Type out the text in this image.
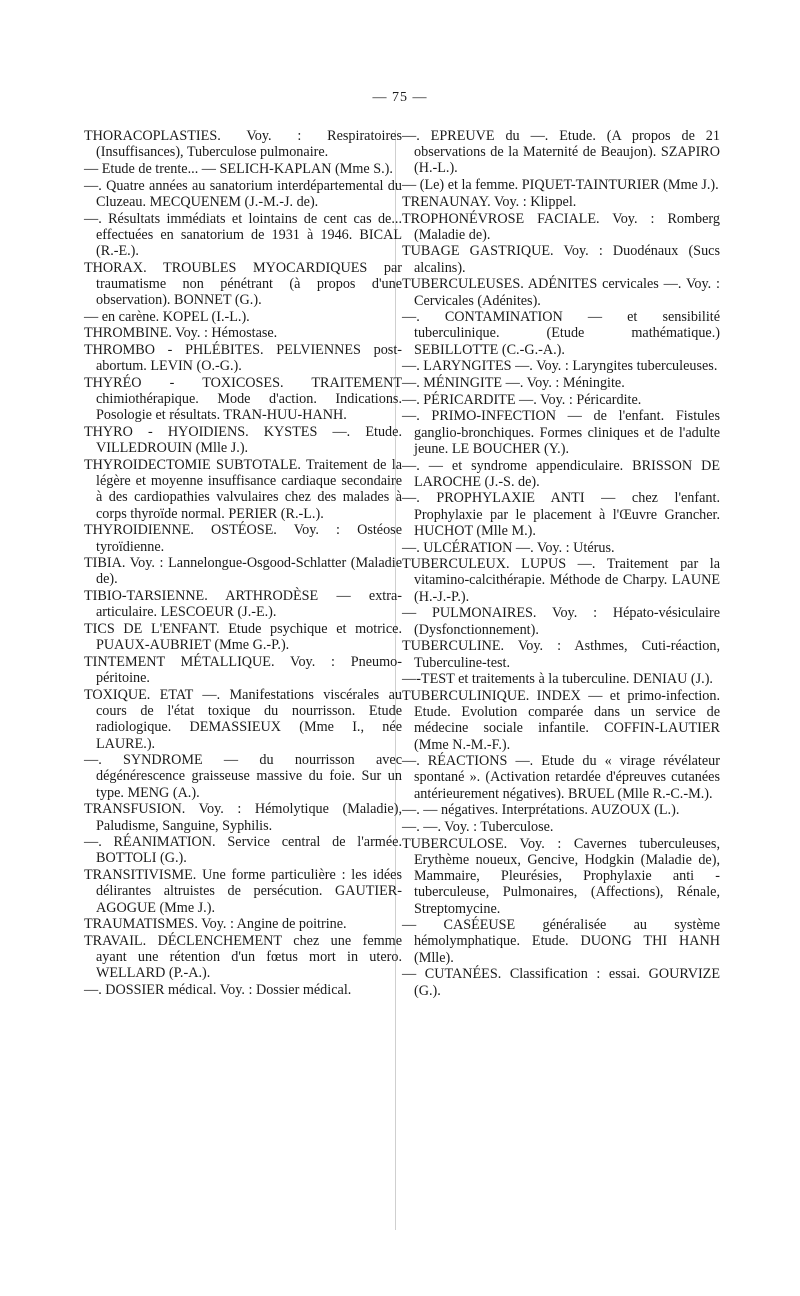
— 75 —

THORACOPLASTIES. Voy. : Respiratoires (Insuffisances), Tuberculose pulmonaire.

— Etude de trente... — SELICH-KAPLAN (Mme S.).

—. Quatre années au sanatorium interdépartemental du Cluzeau. MECQUENEM (J.-M.-J. de).

—. Résultats immédiats et lointains de cent cas de... effectuées en sanatorium de 1931 à 1946. BICAL (R.-E.).

THORAX. TROUBLES MYOCARDIQUES par traumatisme non pénétrant (à propos d'une observation). BONNET (G.).

— en carène. KOPEL (I.-L.).

THROMBINE. Voy. : Hémostase.

THROMBO - PHLÉBITES. PELVIENNES post-abortum. LEVIN (O.-G.).

THYRÉO - TOXICOSES. TRAITEMENT chimiothérapique. Mode d'action. Indications. Posologie et résultats. TRAN-HUU-HANH.

THYRO - HYOIDIENS. KYSTES —. Etude. VILLEDROUIN (Mlle J.).

THYROIDECTOMIE SUBTOTALE. Traitement de la légère et moyenne insuffisance cardiaque secondaire à des cardiopathies valvulaires chez des malades à corps thyroïde normal. PERIER (R.-L.).

THYROIDIENNE. OSTÉOSE. Voy. : Ostéose tyroïdienne.

TIBIA. Voy. : Lannelongue-Osgood-Schlatter (Maladie de).

TIBIO-TARSIENNE. ARTHRODÈSE — extra-articulaire. LESCOEUR (J.-E.).

TICS DE L'ENFANT. Etude psychique et motrice. PUAUX-AUBRIET (Mme G.-P.).

TINTEMENT MÉTALLIQUE. Voy. : Pneumo-péritoine.

TOXIQUE. ETAT —. Manifestations viscérales au cours de l'état toxique du nourrisson. Etude radiologique. DEMASSIEUX (Mme I., née LAURE.).

—. SYNDROME — du nourrisson avec dégénérescence graisseuse massive du foie. Sur un type. MENG (A.).

TRANSFUSION. Voy. : Hémolytique (Maladie), Paludisme, Sanguine, Syphilis.

—. RÉANIMATION. Service central de l'armée. BOTTOLI (G.).

TRANSITIVISME. Une forme particulière : les idées délirantes altruistes de persécution. GAUTIER-AGOGUE (Mme J.).

TRAUMATISMES. Voy. : Angine de poitrine.

TRAVAIL. DÉCLENCHEMENT chez une femme ayant une rétention d'un fœtus mort in utero. WELLARD (P.-A.).

—. DOSSIER médical. Voy. : Dossier médical.

—. EPREUVE du —. Etude. (A propos de 21 observations de la Maternité de Beaujon). SZAPIRO (H.-L.).

— (Le) et la femme. PIQUET-TAINTURIER (Mme J.).

TRENAUNAY. Voy. : Klippel.

TROPHONÉVROSE FACIALE. Voy. : Romberg (Maladie de).

TUBAGE GASTRIQUE. Voy. : Duodénaux (Sucs alcalins).

TUBERCULEUSES. ADÉNITES cervicales —. Voy. : Cervicales (Adénites).

—. CONTAMINATION — et sensibilité tuberculinique. (Etude mathématique.) SEBILLOTTE (C.-G.-A.).

—. LARYNGITES —. Voy. : Laryngites tuberculeuses.

—. MÉNINGITE —. Voy. : Méningite.

—. PÉRICARDITE —. Voy. : Péricardite.

—. PRIMO-INFECTION — de l'enfant. Fistules ganglio-bronchiques. Formes cliniques et de l'adulte jeune. LE BOUCHER (Y.).

—. — et syndrome appendiculaire. BRISSON DE LAROCHE (J.-S. de).

—. PROPHYLAXIE ANTI — chez l'enfant. Prophylaxie par le placement à l'Œuvre Grancher. HUCHOT (Mlle M.).

—. ULCÉRATION —. Voy. : Utérus.

TUBERCULEUX. LUPUS —. Traitement par la vitamino-calcithérapie. Méthode de Charpy. LAUNE (H.-J.-P.).

— PULMONAIRES. Voy. : Hépato-vésiculaire (Dysfonctionnement).

TUBERCULINE. Voy. : Asthmes, Cuti-réaction, Tuberculine-test.

—-TEST et traitements à la tuberculine. DENIAU (J.).

TUBERCULINIQUE. INDEX — et primo-infection. Etude. Evolution comparée dans un service de médecine sociale infantile. COFFIN-LAUTIER (Mme N.-M.-F.).

—. RÉACTIONS —. Etude du « virage révélateur spontané ». (Activation retardée d'épreuves cutanées antérieurement négatives). BRUEL (Mlle R.-C.-M.).

—. — négatives. Interprétations. AUZOUX (L.).

—. —. Voy. : Tuberculose.

TUBERCULOSE. Voy. : Cavernes tuberculeuses, Erythème noueux, Gencive, Hodgkin (Maladie de), Mammaire, Pleurésies, Prophylaxie anti - tuberculeuse, Pulmonaires, (Affections), Rénale, Streptomycine.

— CASÉEUSE généralisée au système hémolymphatique. Etude. DUONG THI HANH (Mlle).

— CUTANÉES. Classification : essai. GOURVIZE (G.).
